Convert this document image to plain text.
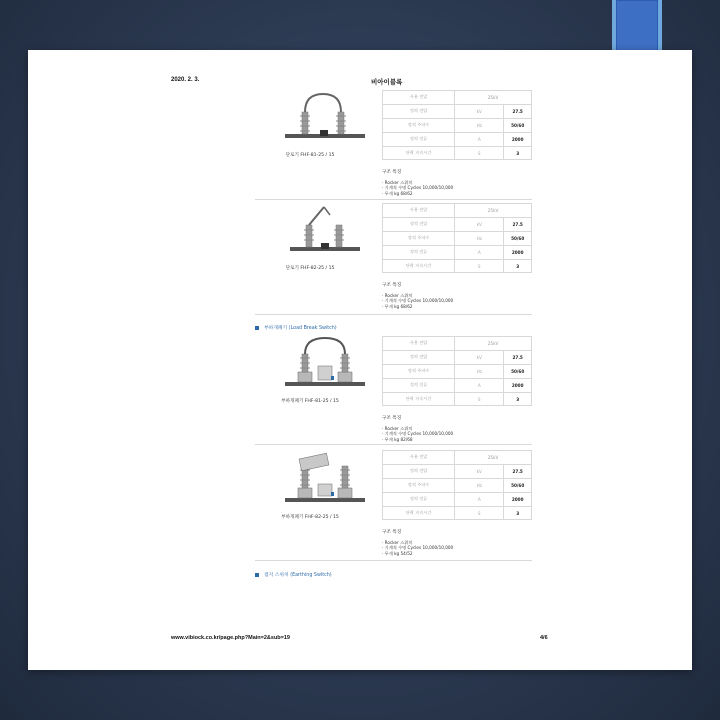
2020. 2. 3.	비아이블록
단로기 FHF-81-25 / 15
사용 전압	25kV	
정격 전압	kV	27.5
정격 주파수	Hz	50/60
정격 전류	A	2000
단락 지속시간	S	3
구조 특징
· Rocker 스위치
· 기계적 수명 Cycles 10,000/10,000
· 무게 kg 68/62
단로기 FHF-82-25 / 15
사용 전압	25kV	
정격 전압	kV	27.5
정격 주파수	Hz	50/60
정격 전류	A	2000
단락 지속시간	S	3
구조 특징
· Rocker 스위치
· 기계적 수명 Cycles 10,000/10,000
· 무게 kg 68/62
부하개폐기 (Load Break Switch)
부하개폐기 FHF-81-25 / 15
사용 전압	25kV	
정격 전압	kV	27.5
정격 주파수	Hz	50/60
정격 전류	A	2000
단락 지속시간	S	3
구조 특징
· Rocker 스위치
· 기계적 수명 Cycles 10,000/10,000
· 무게 kg 82/68
부하개폐기 FHF-82-25 / 15
사용 전압	25kV	
정격 전압	kV	27.5
정격 주파수	Hz	50/60
정격 전류	A	2000
단락 지속시간	S	3
구조 특징
· Rocker 스위치
· 기계적 수명 Cycles 10,000/10,000
· 무게 kg 54/52
접지 스위치 (Earthing Switch)
www.vibiock.co.kr/page.php?Main=2&sub=19	4/6
